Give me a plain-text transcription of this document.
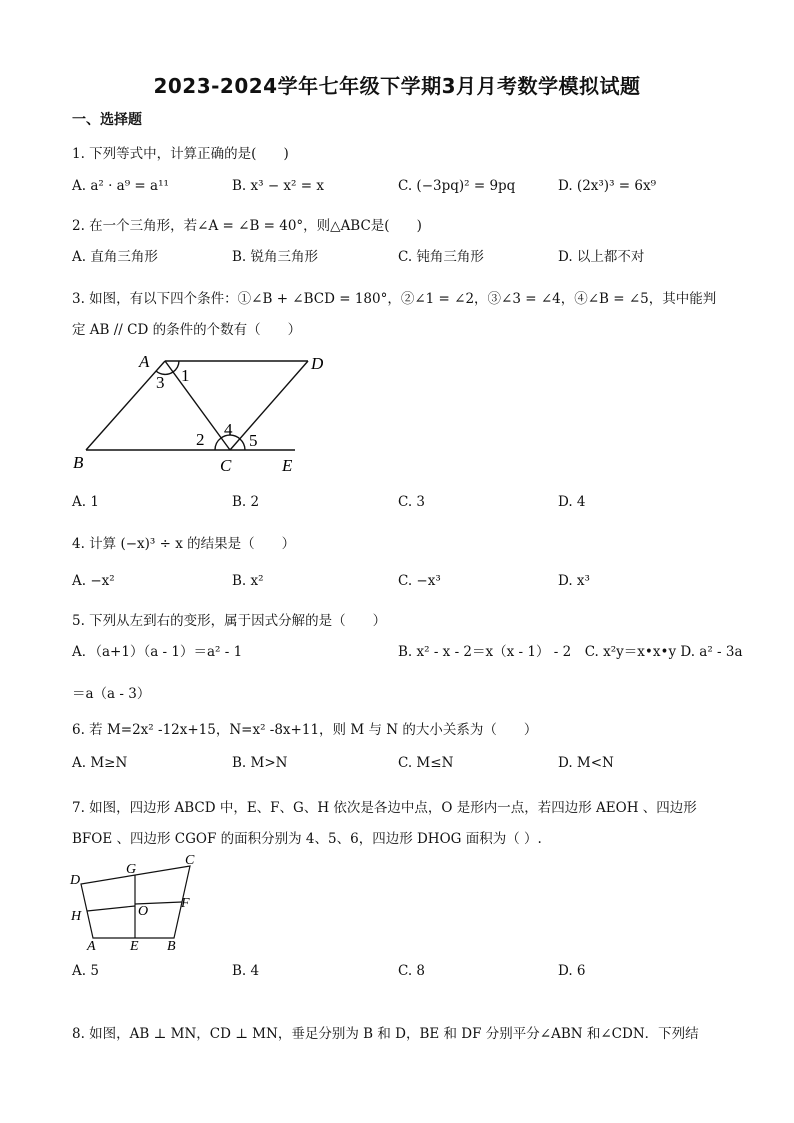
2023-2024学年七年级下学期3月月考数学模拟试题
一、选择题
1. 下列等式中，计算正确的是(　　)
A. a² · a⁹ = a¹¹	B. x³ − x² = x	C. (−3pq)² = 9pq	D. (2x³)³ = 6x⁹
2. 在一个三角形，若∠A = ∠B = 40°，则△ABC是(　　)
A. 直角三角形	B. 锐角三角形	C. 钝角三角形	D. 以上都不对
3. 如图，有以下四个条件：①∠B + ∠BCD = 180°，②∠1 = ∠2，③∠3 = ∠4，④∠B = ∠5，其中能判
定 AB // CD 的条件的个数有（　　）
A	D
B	C	E
1
2
3
4
5
A. 1	B. 2	C. 3	D. 4
4. 计算 (−x)³ ÷ x 的结果是（　　）
A. −x²	B. x²	C. −x³	D. x³
5. 下列从左到右的变形，属于因式分解的是（　　）
A．（a+1）（a - 1）＝a² - 1	B. x² - x - 2＝x（x - 1） - 2　C. x²y＝x•x•y D. a² - 3a
＝a（a - 3）
6. 若 M=2x² -12x+15，N=x² -8x+11，则 M 与 N 的大小关系为（　　）
A. M≥N	B. M>N	C. M≤N	D. M<N
7. 如图，四边形 ABCD 中，E、F、G、H 依次是各边中点，O 是形内一点，若四边形 AEOH 、四边形
BFOE 、四边形 CGOF 的面积分别为 4、5、6，四边形 DHOG 面积为（ ）.
C
G
D
F
O
H
A E B
A. 5	B. 4	C. 8	D. 6
8. 如图，AB ⊥ MN，CD ⊥ MN，垂足分别为 B 和 D，BE 和 DF 分别平分∠ABN 和∠CDN．下列结
